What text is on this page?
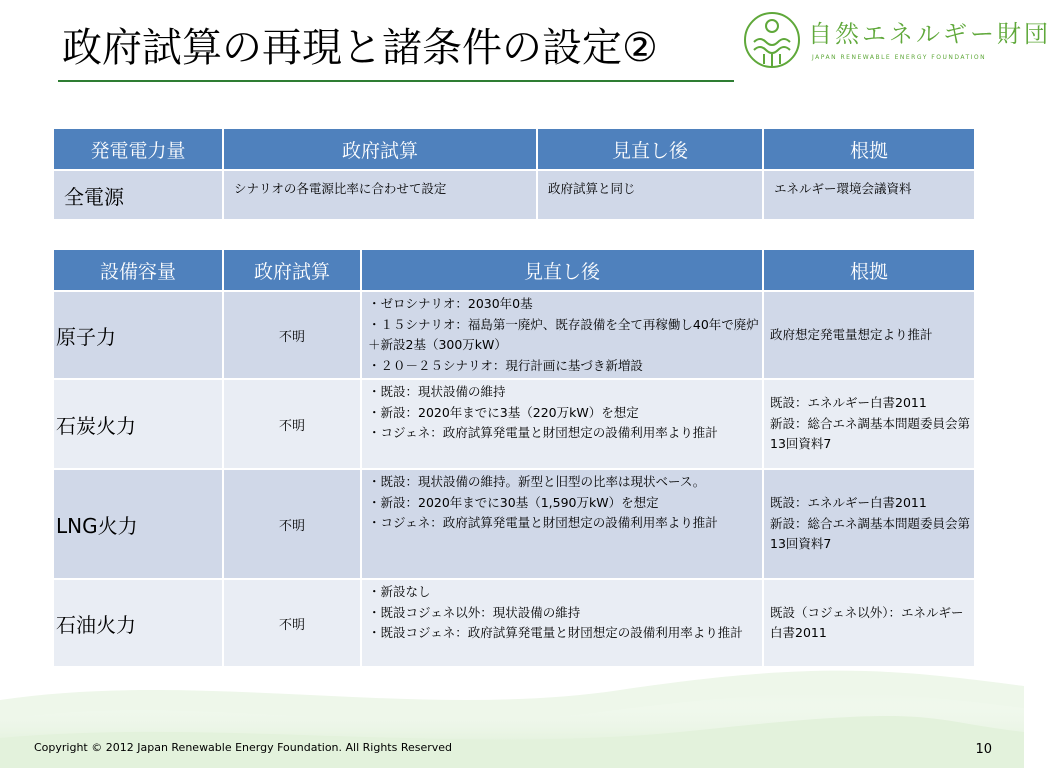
政府試算の再現と諸条件の設定②	自然エネルギー財団
JAPAN RENEWABLE ENERGY FOUNDATION
発電電力量	政府試算	見直し後	根拠
全電源	シナリオの各電源比率に合わせて設定	政府試算と同じ	エネルギー環境会議資料
設備容量	政府試算	見直し後	根拠
原子力	不明	・ゼロシナリオ：2030年0基
・１５シナリオ：福島第一廃炉、既存設備を全て再稼働し40年で廃炉＋新設2基（300万kW）
・２０－２５シナリオ：現行計画に基づき新増設	政府想定発電量想定より推計
石炭火力	不明	・既設：現状設備の維持
・新設：2020年までに3基（220万kW）を想定
・コジェネ：政府試算発電量と財団想定の設備利用率より推計	既設：エネルギー白書2011
新設：総合エネ調基本問題委員会第13回資料7

LNG火力	不明	・既設：現状設備の維持。新型と旧型の比率は現状ベース。
・新設：2020年までに30基（1,590万kW）を想定
・コジェネ：政府試算発電量と財団想定の設備利用率より推計	既設：エネルギー白書2011
新設：総合エネ調基本問題委員会第13回資料7

石油火力	不明	・新設なし
・既設コジェネ以外：現状設備の維持
・既設コジェネ：政府試算発電量と財団想定の設備利用率より推計	既設（コジェネ以外）：エネルギー白書2011
Copyright © 2012 Japan Renewable Energy Foundation. All Rights Reserved	10
